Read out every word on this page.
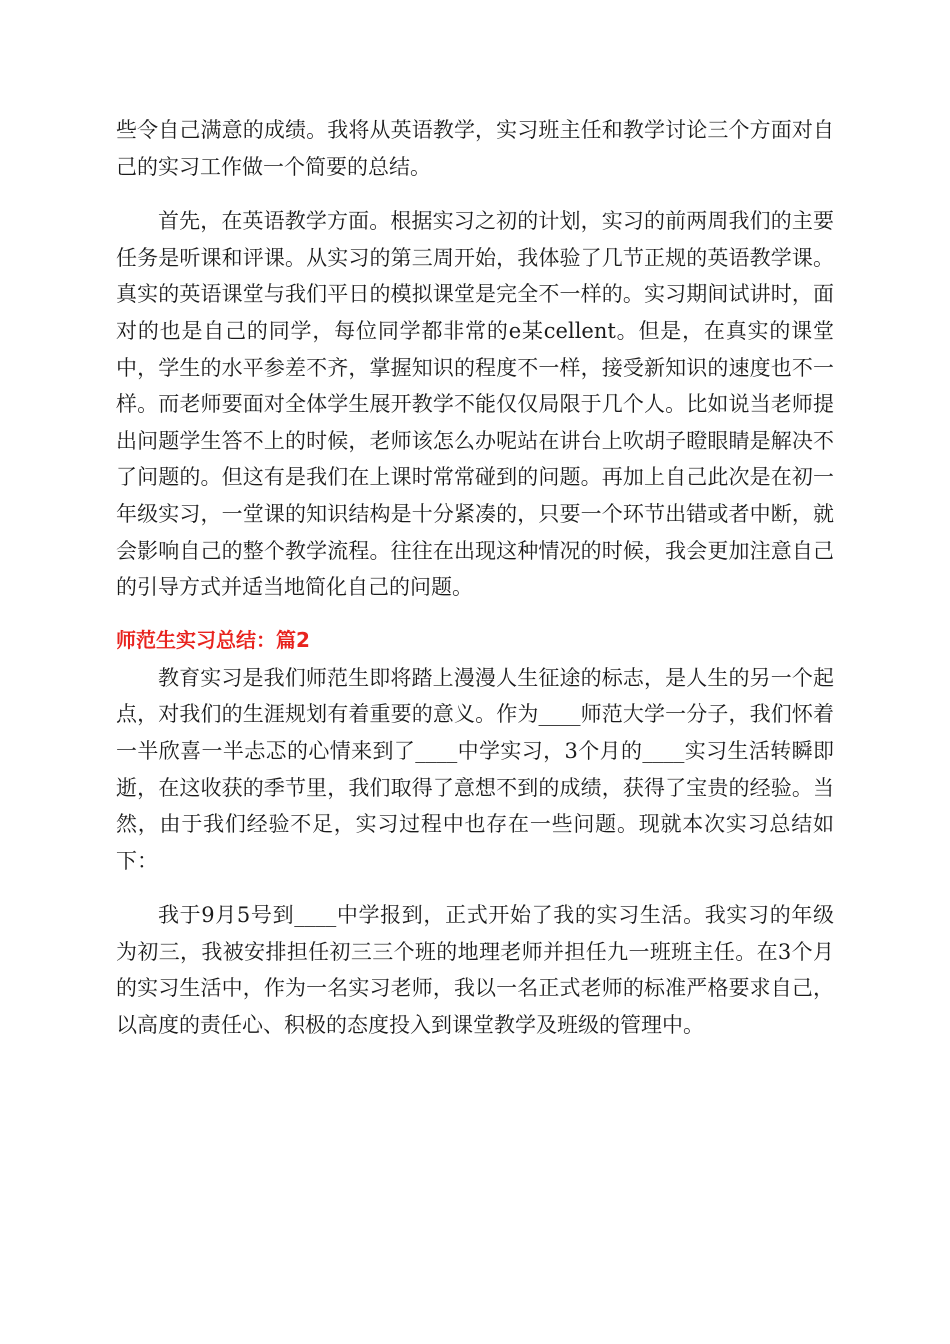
些令自己满意的成绩。我将从英语教学，实习班主任和教学讨论三个方面对自己的实习工作做一个简要的总结。

首先，在英语教学方面。根据实习之初的计划，实习的前两周我们的主要任务是听课和评课。从实习的第三周开始，我体验了几节正规的英语教学课。真实的英语课堂与我们平日的模拟课堂是完全不一样的。实习期间试讲时，面对的也是自己的同学，每位同学都非常的e某cellent。但是，在真实的课堂中，学生的水平参差不齐，掌握知识的程度不一样，接受新知识的速度也不一样。而老师要面对全体学生展开教学不能仅仅局限于几个人。比如说当老师提出问题学生答不上的时候，老师该怎么办呢站在讲台上吹胡子瞪眼睛是解决不了问题的。但这有是我们在上课时常常碰到的问题。再加上自己此次是在初一年级实习，一堂课的知识结构是十分紧凑的，只要一个环节出错或者中断，就会影响自己的整个教学流程。往往在出现这种情况的时候，我会更加注意自己的引导方式并适当地简化自己的问题。

师范生实习总结：篇2

教育实习是我们师范生即将踏上漫漫人生征途的标志，是人生的另一个起点，对我们的生涯规划有着重要的意义。作为____师范大学一分子，我们怀着一半欣喜一半忐忑的心情来到了____中学实习，3个月的____实习生活转瞬即逝，在这收获的季节里，我们取得了意想不到的成绩，获得了宝贵的经验。当然，由于我们经验不足，实习过程中也存在一些问题。现就本次实习总结如下：

我于9月5号到____中学报到，正式开始了我的实习生活。我实习的年级为初三，我被安排担任初三三个班的地理老师并担任九一班班主任。在3个月的实习生活中，作为一名实习老师，我以一名正式老师的标准严格要求自己，以高度的责任心、积极的态度投入到课堂教学及班级的管理中。
